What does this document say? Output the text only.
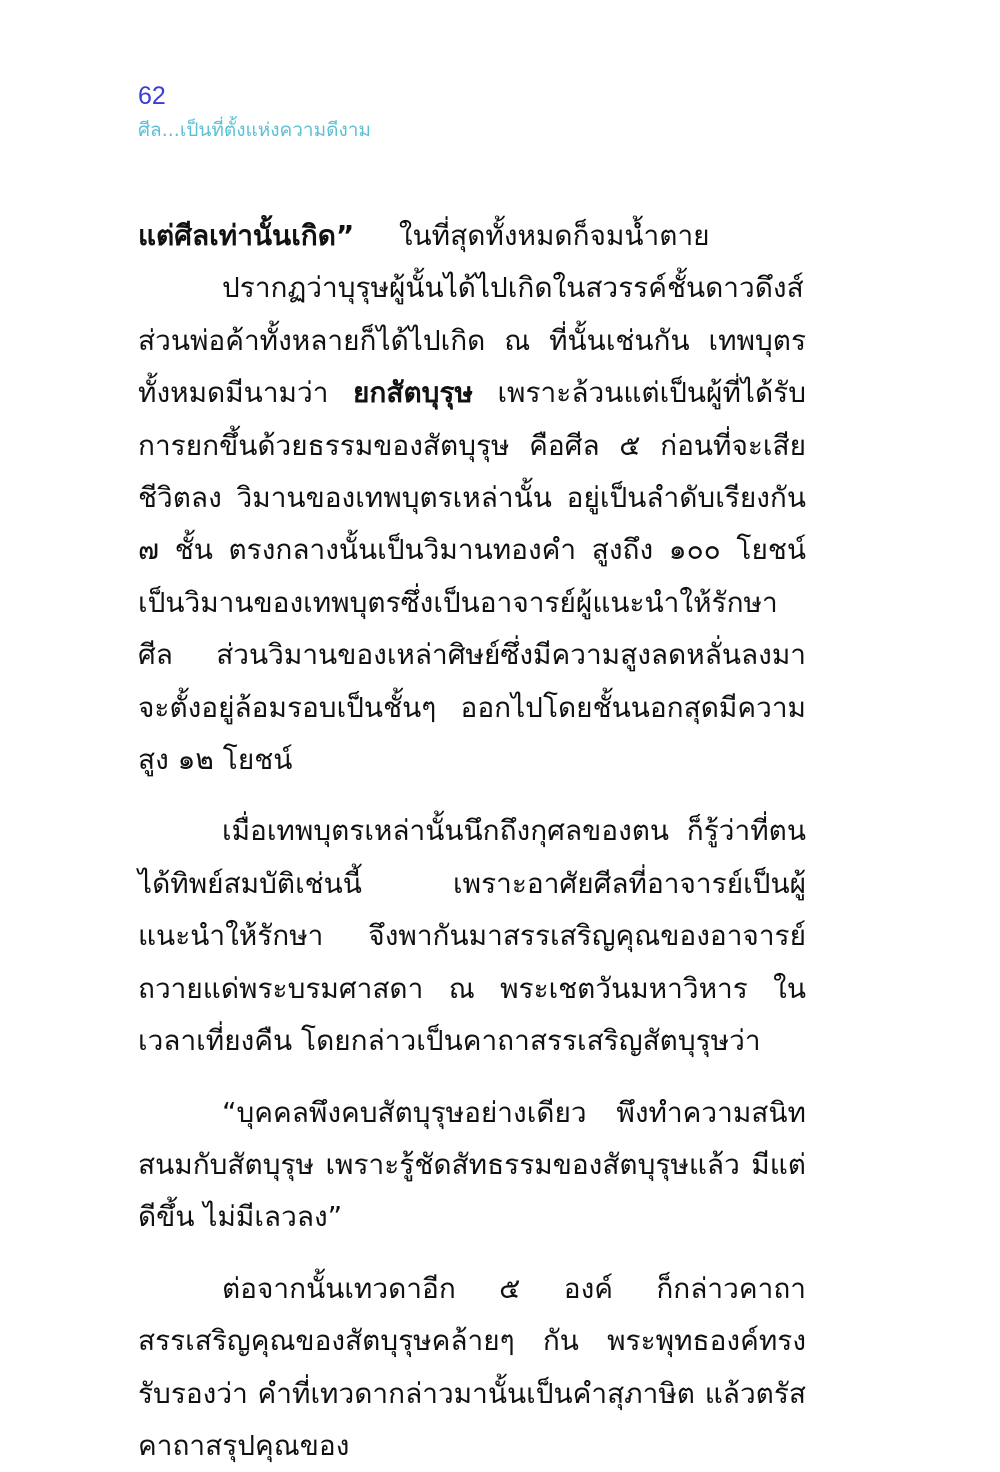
62
ศีล...เป็นที่ตั้งแห่งความดีงาม

แต่ศีลเท่านั้นเกิด” ในที่สุดทั้งหมดก็จมน้ำตาย

ปรากฏว่าบุรุษผู้นั้นได้ไปเกิดในสวรรค์ชั้นดาวดึงส์ ส่วนพ่อค้าทั้งหลายก็ได้ไปเกิด ณ ที่นั้นเช่นกัน เทพบุตรทั้งหมดมีนามว่า ยกสัตบุรุษ เพราะล้วนแต่เป็นผู้ที่ได้รับการยกขึ้นด้วยธรรมของสัตบุรุษ คือศีล ๕ ก่อนที่จะเสียชีวิตลง วิมานของเทพบุตรเหล่านั้น อยู่เป็นลำดับเรียงกัน ๗ ชั้น ตรงกลางนั้นเป็นวิมานทองคำ สูงถึง ๑๐๐ โยชน์ เป็นวิมานของเทพบุตรซึ่งเป็นอาจารย์ผู้แนะนำให้รักษาศีล ส่วนวิมานของเหล่าศิษย์ซึ่งมีความสูงลดหลั่นลงมา จะตั้งอยู่ล้อมรอบเป็นชั้นๆ ออกไปโดยชั้นนอกสุดมีความสูง ๑๒ โยชน์

เมื่อเทพบุตรเหล่านั้นนึกถึงกุศลของตน ก็รู้ว่าที่ตนได้ทิพย์สมบัติเช่นนี้ เพราะอาศัยศีลที่อาจารย์เป็นผู้แนะนำให้รักษา จึงพากันมาสรรเสริญคุณของอาจารย์ถวายแด่พระบรมศาสดา ณ พระเชตวันมหาวิหาร ในเวลาเที่ยงคืน โดยกล่าวเป็นคาถาสรรเสริญสัตบุรุษว่า

“บุคคลพึงคบสัตบุรุษอย่างเดียว พึงทำความสนิทสนมกับสัตบุรุษ เพราะรู้ชัดสัทธรรมของสัตบุรุษแล้ว มีแต่ดีขึ้น ไม่มีเลวลง”

ต่อจากนั้นเทวดาอีก ๕ องค์ ก็กล่าวคาถาสรรเสริญคุณของสัตบุรุษคล้ายๆ กัน พระพุทธองค์ทรงรับรองว่า คำที่เทวดากล่าวมานั้นเป็นคำสุภาษิต แล้วตรัสคาถาสรุปคุณของ
